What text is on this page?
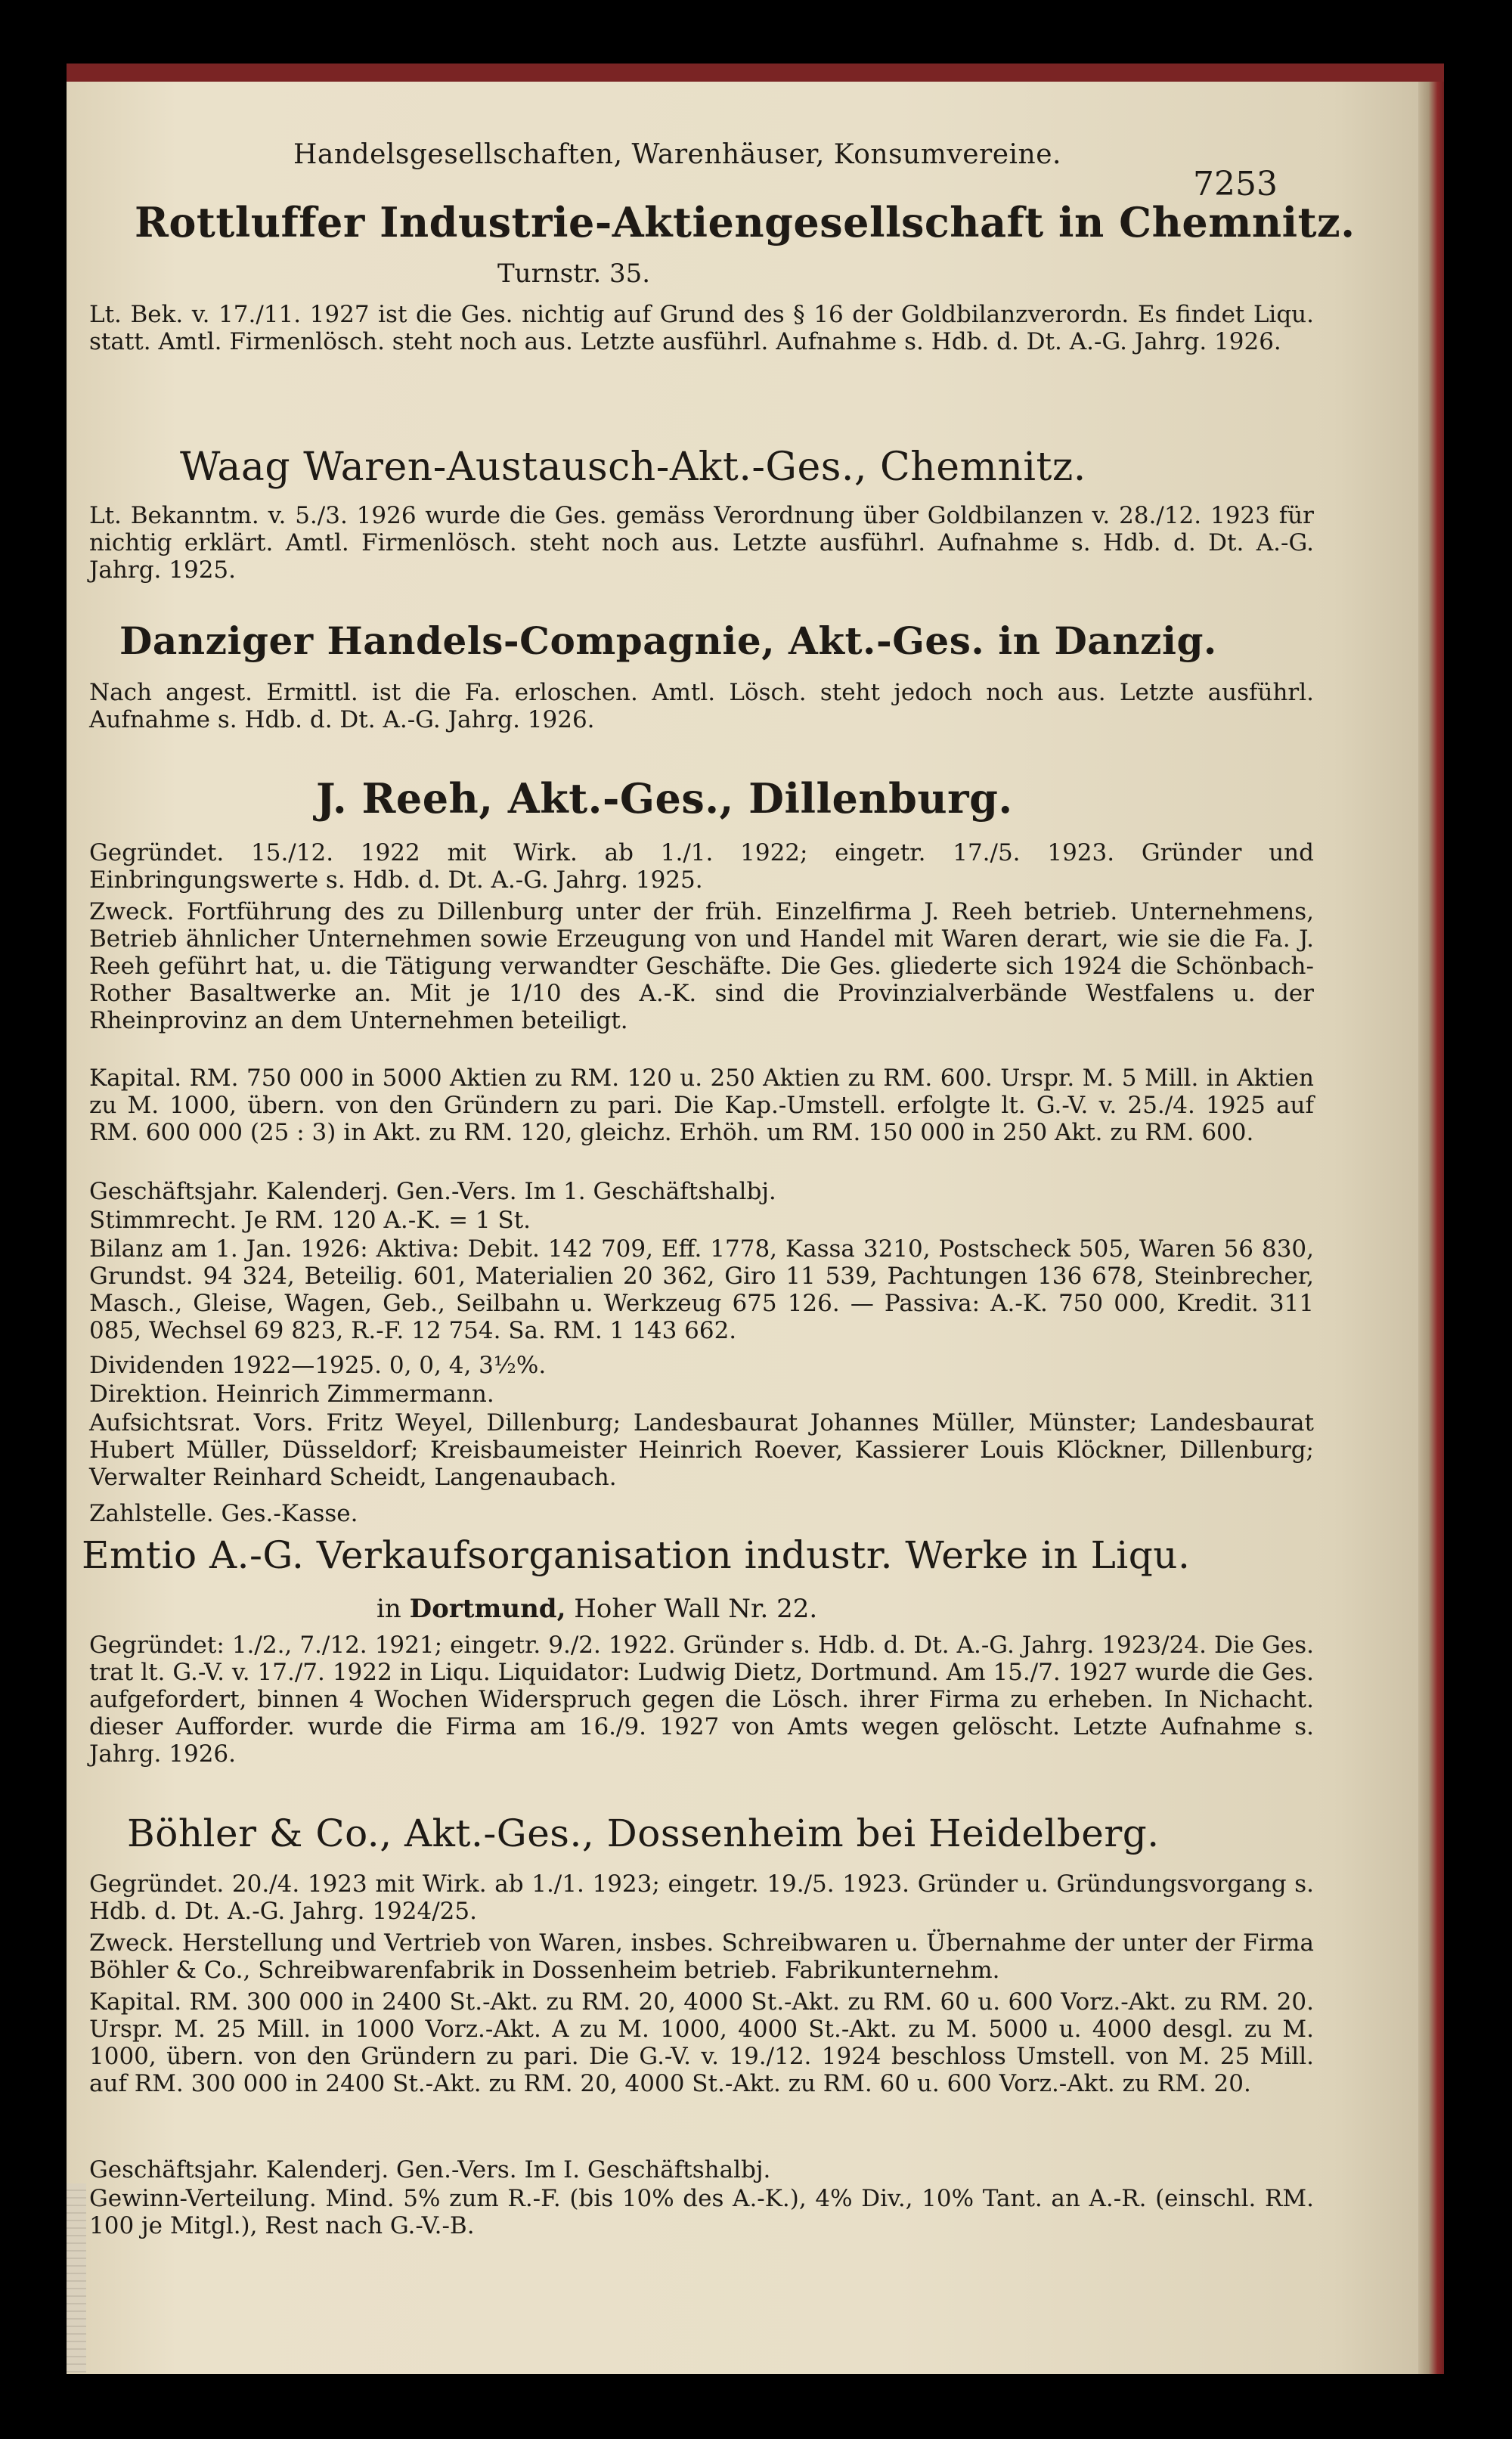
Handelsgesellschaften, Warenhäuser, Konsumvereine.
7253
Rottluffer Industrie-Aktiengesellschaft in Chemnitz.
Turnstr. 35.
Lt. Bek. v. 17./11. 1927 ist die Ges. nichtig auf Grund des § 16 der Goldbilanzverordn. Es findet Liqu. statt. Amtl. Firmenlösch. steht noch aus. Letzte ausführl. Aufnahme s. Hdb. d. Dt. A.-G. Jahrg. 1926.
Waag Waren-Austausch-Akt.-Ges., Chemnitz.
Lt. Bekanntm. v. 5./3. 1926 wurde die Ges. gemäss Verordnung über Goldbilanzen v. 28./12. 1923 für nichtig erklärt. Amtl. Firmenlösch. steht noch aus. Letzte ausführl. Aufnahme s. Hdb. d. Dt. A.-G. Jahrg. 1925.
Danziger Handels-Compagnie, Akt.-Ges. in Danzig.
Nach angest. Ermittl. ist die Fa. erloschen. Amtl. Lösch. steht jedoch noch aus. Letzte ausführl. Aufnahme s. Hdb. d. Dt. A.-G. Jahrg. 1926.
J. Reeh, Akt.-Ges., Dillenburg.
Gegründet. 15./12. 1922 mit Wirk. ab 1./1. 1922; eingetr. 17./5. 1923. Gründer und Einbringungswerte s. Hdb. d. Dt. A.-G. Jahrg. 1925.
Zweck. Fortführung des zu Dillenburg unter der früh. Einzelfirma J. Reeh betrieb. Unternehmens, Betrieb ähnlicher Unternehmen sowie Erzeugung von und Handel mit Waren derart, wie sie die Fa. J. Reeh geführt hat, u. die Tätigung verwandter Geschäfte. Die Ges. gliederte sich 1924 die Schönbach-Rother Basaltwerke an. Mit je 1/10 des A.-K. sind die Provinzialverbände Westfalens u. der Rheinprovinz an dem Unternehmen beteiligt.
Kapital. RM. 750 000 in 5000 Aktien zu RM. 120 u. 250 Aktien zu RM. 600. Urspr. M. 5 Mill. in Aktien zu M. 1000, übern. von den Gründern zu pari. Die Kap.-Umstell. erfolgte lt. G.-V. v. 25./4. 1925 auf RM. 600 000 (25 : 3) in Akt. zu RM. 120, gleichz. Erhöh. um RM. 150 000 in 250 Akt. zu RM. 600.
Geschäftsjahr. Kalenderj. Gen.-Vers. Im 1. Geschäftshalbj.
Stimmrecht. Je RM. 120 A.-K. = 1 St.
Bilanz am 1. Jan. 1926: Aktiva: Debit. 142 709, Eff. 1778, Kassa 3210, Postscheck 505, Waren 56 830, Grundst. 94 324, Beteilig. 601, Materialien 20 362, Giro 11 539, Pachtungen 136 678, Steinbrecher, Masch., Gleise, Wagen, Geb., Seilbahn u. Werkzeug 675 126. — Passiva: A.-K. 750 000, Kredit. 311 085, Wechsel 69 823, R.-F. 12 754. Sa. RM. 1 143 662.
Dividenden 1922—1925. 0, 0, 4, 3½%.
Direktion. Heinrich Zimmermann.
Aufsichtsrat. Vors. Fritz Weyel, Dillenburg; Landesbaurat Johannes Müller, Münster; Landesbaurat Hubert Müller, Düsseldorf; Kreisbaumeister Heinrich Roever, Kassierer Louis Klöckner, Dillenburg; Verwalter Reinhard Scheidt, Langenaubach.
Zahlstelle. Ges.-Kasse.
Emtio A.-G. Verkaufsorganisation industr. Werke in Liqu.
in Dortmund, Hoher Wall Nr. 22.
Gegründet: 1./2., 7./12. 1921; eingetr. 9./2. 1922. Gründer s. Hdb. d. Dt. A.-G. Jahrg. 1923/24. Die Ges. trat lt. G.-V. v. 17./7. 1922 in Liqu. Liquidator: Ludwig Dietz, Dortmund. Am 15./7. 1927 wurde die Ges. aufgefordert, binnen 4 Wochen Widerspruch gegen die Lösch. ihrer Firma zu erheben. In Nichacht. dieser Aufforder. wurde die Firma am 16./9. 1927 von Amts wegen gelöscht. Letzte Aufnahme s. Jahrg. 1926.
Böhler & Co., Akt.-Ges., Dossenheim bei Heidelberg.
Gegründet. 20./4. 1923 mit Wirk. ab 1./1. 1923; eingetr. 19./5. 1923. Gründer u. Gründungsvorgang s. Hdb. d. Dt. A.-G. Jahrg. 1924/25.
Zweck. Herstellung und Vertrieb von Waren, insbes. Schreibwaren u. Übernahme der unter der Firma Böhler & Co., Schreibwarenfabrik in Dossenheim betrieb. Fabrikunternehm.
Kapital. RM. 300 000 in 2400 St.-Akt. zu RM. 20, 4000 St.-Akt. zu RM. 60 u. 600 Vorz.-Akt. zu RM. 20. Urspr. M. 25 Mill. in 1000 Vorz.-Akt. A zu M. 1000, 4000 St.-Akt. zu M. 5000 u. 4000 desgl. zu M. 1000, übern. von den Gründern zu pari. Die G.-V. v. 19./12. 1924 beschloss Umstell. von M. 25 Mill. auf RM. 300 000 in 2400 St.-Akt. zu RM. 20, 4000 St.-Akt. zu RM. 60 u. 600 Vorz.-Akt. zu RM. 20.
Geschäftsjahr. Kalenderj. Gen.-Vers. Im I. Geschäftshalbj.
Gewinn-Verteilung. Mind. 5% zum R.-F. (bis 10% des A.-K.), 4% Div., 10% Tant. an A.-R. (einschl. RM. 100 je Mitgl.), Rest nach G.-V.-B.
